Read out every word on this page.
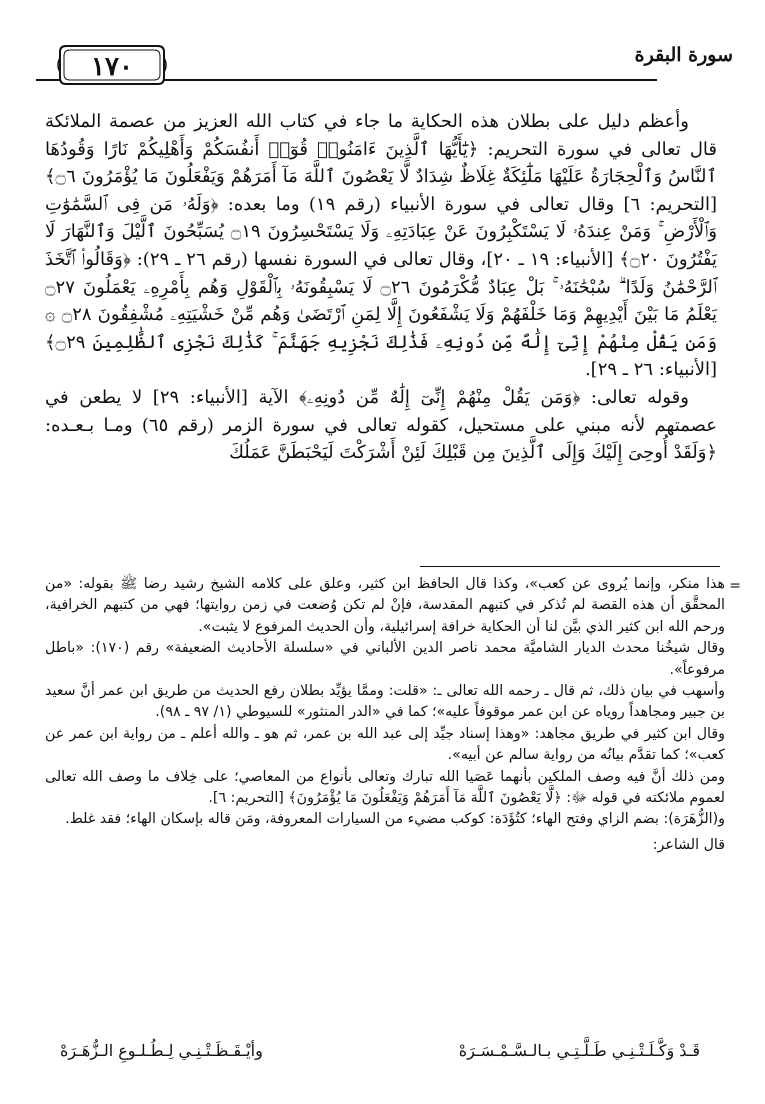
سورة البقرة
١٧٠

وأعظم دليل على بطلان هذه الحكاية ما جاء في كتاب الله العزيز من عصمة الملائكة قال تعالى في سورة التحريم: ﴿يَٰٓأَيُّهَا ٱلَّذِينَ ءَامَنُوا۟ قُوٓا۟ أَنفُسَكُمْ وَأَهْلِيكُمْ نَارًا وَقُودُهَا ٱلنَّاسُ وَٱلْحِجَارَةُ عَلَيْهَا مَلَٰٓئِكَةٌ غِلَاظٌ شِدَادٌ لَّا يَعْصُونَ ٱللَّهَ مَآ أَمَرَهُمْ وَيَفْعَلُونَ مَا يُؤْمَرُونَ ۝٦﴾ [التحريم: ٦] وقال تعالى في سورة الأنبياء (رقم ١٩) وما بعده: ﴿وَلَهُۥ مَن فِى ٱلسَّمَٰوَٰتِ وَٱلْأَرْضِ ۚ وَمَنْ عِندَهُۥ لَا يَسْتَكْبِرُونَ عَنْ عِبَادَتِهِۦ وَلَا يَسْتَحْسِرُونَ ۝١٩ يُسَبِّحُونَ ٱلَّيْلَ وَٱلنَّهَارَ لَا يَفْتُرُونَ ۝٢٠﴾ [الأنبياء: ١٩ ـ ٢٠]، وقال تعالى في السورة نفسها (رقم ٢٦ ـ ٢٩): ﴿وَقَالُوا۟ ٱتَّخَذَ ٱلرَّحْمَٰنُ وَلَدًا ۗ سُبْحَٰنَهُۥ ۚ بَلْ عِبَادٌ مُّكْرَمُونَ ۝٢٦ لَا يَسْبِقُونَهُۥ بِٱلْقَوْلِ وَهُم بِأَمْرِهِۦ يَعْمَلُونَ ۝٢٧ يَعْلَمُ مَا بَيْنَ أَيْدِيهِمْ وَمَا خَلْفَهُمْ وَلَا يَشْفَعُونَ إِلَّا لِمَنِ ٱرْتَضَىٰ وَهُم مِّنْ خَشْيَتِهِۦ مُشْفِقُونَ ۝٢٨ ۞ وَمَن يَقُلْ مِنْهُمْ إِنِّىٓ إِلَٰهٌ مِّن دُونِهِۦ فَذَٰلِكَ نَجْزِيهِ جَهَنَّمَ ۚ كَذَٰلِكَ نَجْزِى ٱلظَّٰلِمِينَ ۝٢٩﴾ [الأنبياء: ٢٦ ـ ٢٩].

وقوله تعالى: ﴿وَمَن يَقُلْ مِنْهُمْ إِنِّىٓ إِلَٰهٌ مِّن دُونِهِۦ﴾ الآية [الأنبياء: ٢٩] لا يطعن في عصمتهم لأنه مبني على مستحيل، كقوله تعالى في سورة الزمر (رقم ٦٥) ومـا بـعـده: ﴿وَلَقَدْ أُوحِىَ إِلَيْكَ وَإِلَى ٱلَّذِينَ مِن قَبْلِكَ لَئِنْ أَشْرَكْتَ لَيَحْبَطَنَّ عَمَلُكَ

=

هذا منكر، وإنما يُروى عن كعب»، وكذا قال الحافظ ابن كثير، وعلق على كلامه الشيخ رشيد رضا ﷺ بقوله: «من المحقَّق أن هذه القصة لم تُذكر في كتبهم المقدسة، فإنْ لم تكن وُضعت في زمن روايتها؛ فهي من كتبهم الخرافية، ورحم الله ابن كثير الذي بيَّن لنا أن الحكاية خرافة إسرائيلية، وأن الحديث المرفوع لا يثبت».

وقال شيخُنا محدث الديار الشاميَّة محمد ناصر الدين الألباني في «سلسلة الأحاديث الضعيفة» رقم (١٧٠): «باطل مرفوعاً».

وأسهب في بيان ذلك، ثم قال ـ رحمه الله تعالى ـ: «قلت: وممَّا يؤيِّد بطلان رفع الحديث من طريق ابن عمر أنَّ سعيد بن جبير ومجاهداً روياه عن ابن عمر موقوفاً عليه»؛ كما في «الدر المنثور» للسيوطي (١/ ٩٧ ـ ٩٨).

وقال ابن كثير في طريق مجاهد: «وهذا إسناد جيِّد إلى عبد الله بن عمر، ثم هو ـ والله أعلم ـ من رواية ابن عمر عن كعب»؛ كما تقدَّم بيانُه من رواية سالم عن أبيه».

ومن ذلك أنَّ فيه وصف الملكين بأنهما عَصَيا الله تبارك وتعالى بأنواع من المعاصي؛ على خِلاف ما وصف الله تعالى لعموم ملائكته في قوله ﷻ: ﴿لَّا يَعْصُونَ ٱللَّهَ مَآ أَمَرَهُمْ وَيَفْعَلُونَ مَا يُؤْمَرُونَ﴾ [التحريم: ٦].

و(الزُّهَرَة): بضم الزاي وفتح الهاء؛ كتُؤَدَة: كوكب مضيء من السيارات المعروفة، ومَن قاله بإسكان الهاء؛ فقد غلط.

قال الشاعر:

قَـدْ وَكَّـلَـتْـنِـي طَـلَّـتِـي بـالـسَّـمْـسَـرَهْ
وأيْـقَـظَـتْـنِـي لِـطُـلـوعِ الـزُّهَـرَهْ
